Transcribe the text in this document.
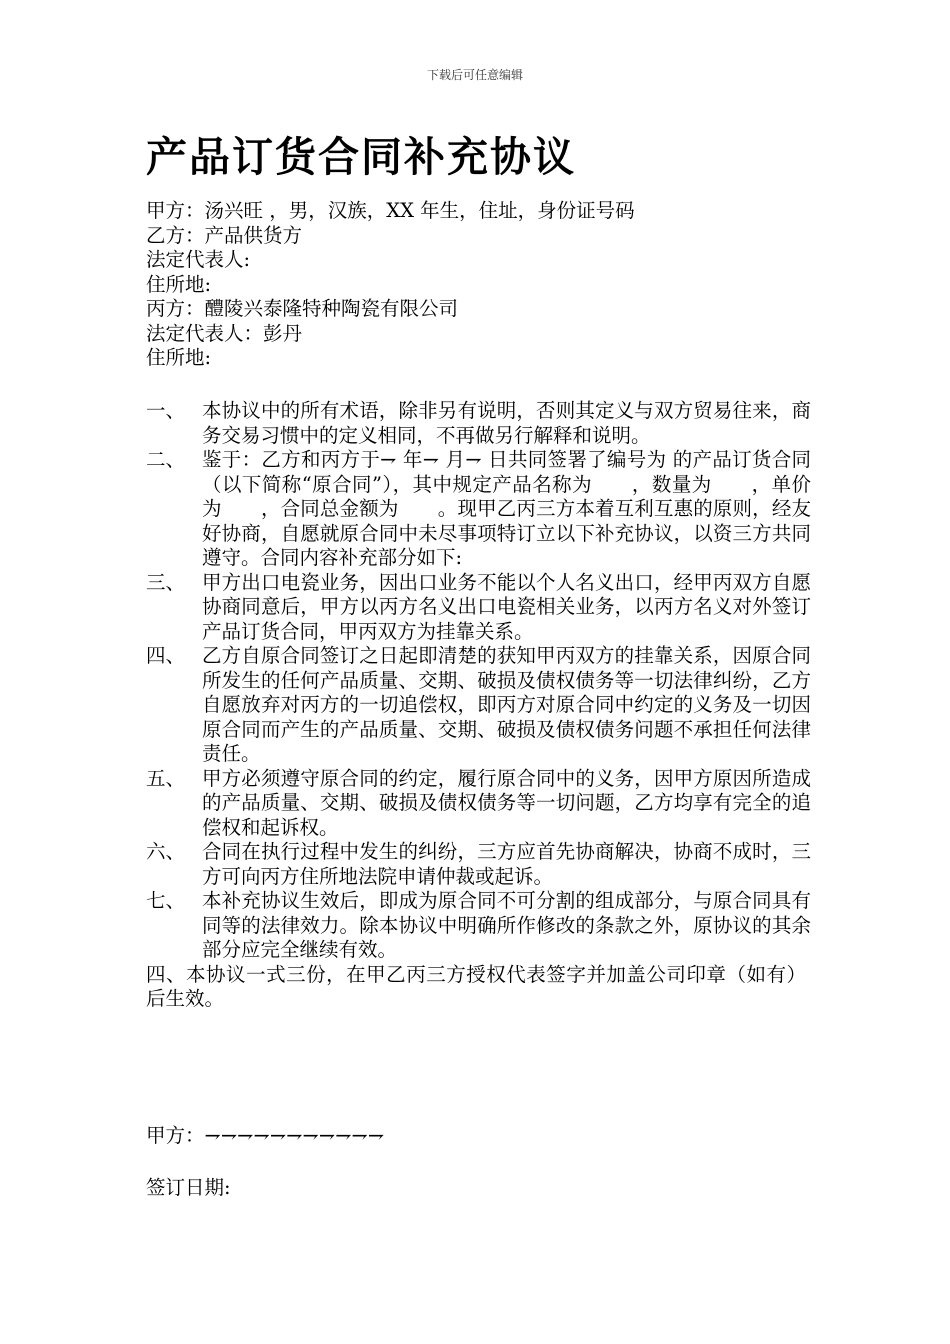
下载后可任意编辑
产品订货合同补充协议
甲方：汤兴旺 ，男，汉族，XX 年生，住址，身份证号码
乙方：产品供货方
法定代表人:
住所地:
丙方：醴陵兴泰隆特种陶瓷有限公司
法定代表人：彭丹
住所地:
一、 本协议中的所有术语，除非另有说明，否则其定义与双方贸易往来，商务交易习惯中的定义相同，不再做另行解释和说明。
二、 鉴于：乙方和丙方于⇁ 年⇁ 月⇁ 日共同签署了编号为 的产品订货合同（以下简称“原合同”），其中规定产品名称为　　，数量为　　，单价为　　，合同总金额为　　。现甲乙丙三方本着互利互惠的原则，经友好协商，自愿就原合同中未尽事项特订立以下补充协议，以资三方共同遵守。合同内容补充部分如下:
三、 甲方出口电瓷业务，因出口业务不能以个人名义出口，经甲丙双方自愿协商同意后，甲方以丙方名义出口电瓷相关业务，以丙方名义对外签订产品订货合同，甲丙双方为挂靠关系。
四、 乙方自原合同签订之日起即清楚的获知甲丙双方的挂靠关系，因原合同所发生的任何产品质量、交期、破损及债权债务等一切法律纠纷，乙方自愿放弃对丙方的一切追偿权，即丙方对原合同中约定的义务及一切因原合同而产生的产品质量、交期、破损及债权债务问题不承担任何法律责任。
五、 甲方必须遵守原合同的约定，履行原合同中的义务，因甲方原因所造成的产品质量、交期、破损及债权债务等一切问题，乙方均享有完全的追偿权和起诉权。
六、 合同在执行过程中发生的纠纷，三方应首先协商解决，协商不成时，三方可向丙方住所地法院申请仲裁或起诉。
七、 本补充协议生效后，即成为原合同不可分割的组成部分，与原合同具有同等的法律效力。除本协议中明确所作修改的条款之外，原协议的其余部分应完全继续有效。
四、本协议一式三份，在甲乙丙三方授权代表签字并加盖公司印章（如有）后生效。
甲方：⇁⇁⇁⇁⇁⇁⇁⇁⇁⇁⇁
签订日期:
